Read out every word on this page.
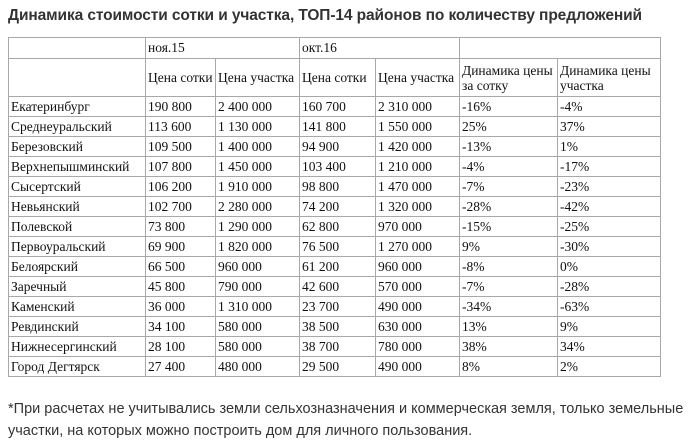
Динамика стоимости сотки и участка, ТОП-14 районов по количеству предложений
	ноя.15		окт.16			
	Цена сотки	Цена участка	Цена сотки	Цена участка	Динамика цены за сотку	Динамика цены участка
Екатеринбург	190 800	2 400 000	160 700	2 310 000	-16%	-4%
Среднеуральский	113 600	1 130 000	141 800	1 550 000	25%	37%
Березовский	109 500	1 400 000	94 900	1 420 000	-13%	1%
Верхнепышминский	107 800	1 450 000	103 400	1 210 000	-4%	-17%
Сысертский	106 200	1 910 000	98 800	1 470 000	-7%	-23%
Невьянский	102 700	2 280 000	74 200	1 320 000	-28%	-42%
Полевской	73 800	1 290 000	62 800	970 000	-15%	-25%
Первоуральский	69 900	1 820 000	76 500	1 270 000	9%	-30%
Белоярский	66 500	960 000	61 200	960 000	-8%	0%
Заречный	45 800	790 000	42 600	570 000	-7%	-28%
Каменский	36 000	1 310 000	23 700	490 000	-34%	-63%
Ревдинский	34 100	580 000	38 500	630 000	13%	9%
Нижнесергинский	28 100	580 000	38 700	780 000	38%	34%
Город Дегтярск	27 400	480 000	29 500	490 000	8%	2%
*При расчетах не учитывались земли сельхозназначения и коммерческая земля, только земельные участки, на которых можно построить дом для личного пользования.
